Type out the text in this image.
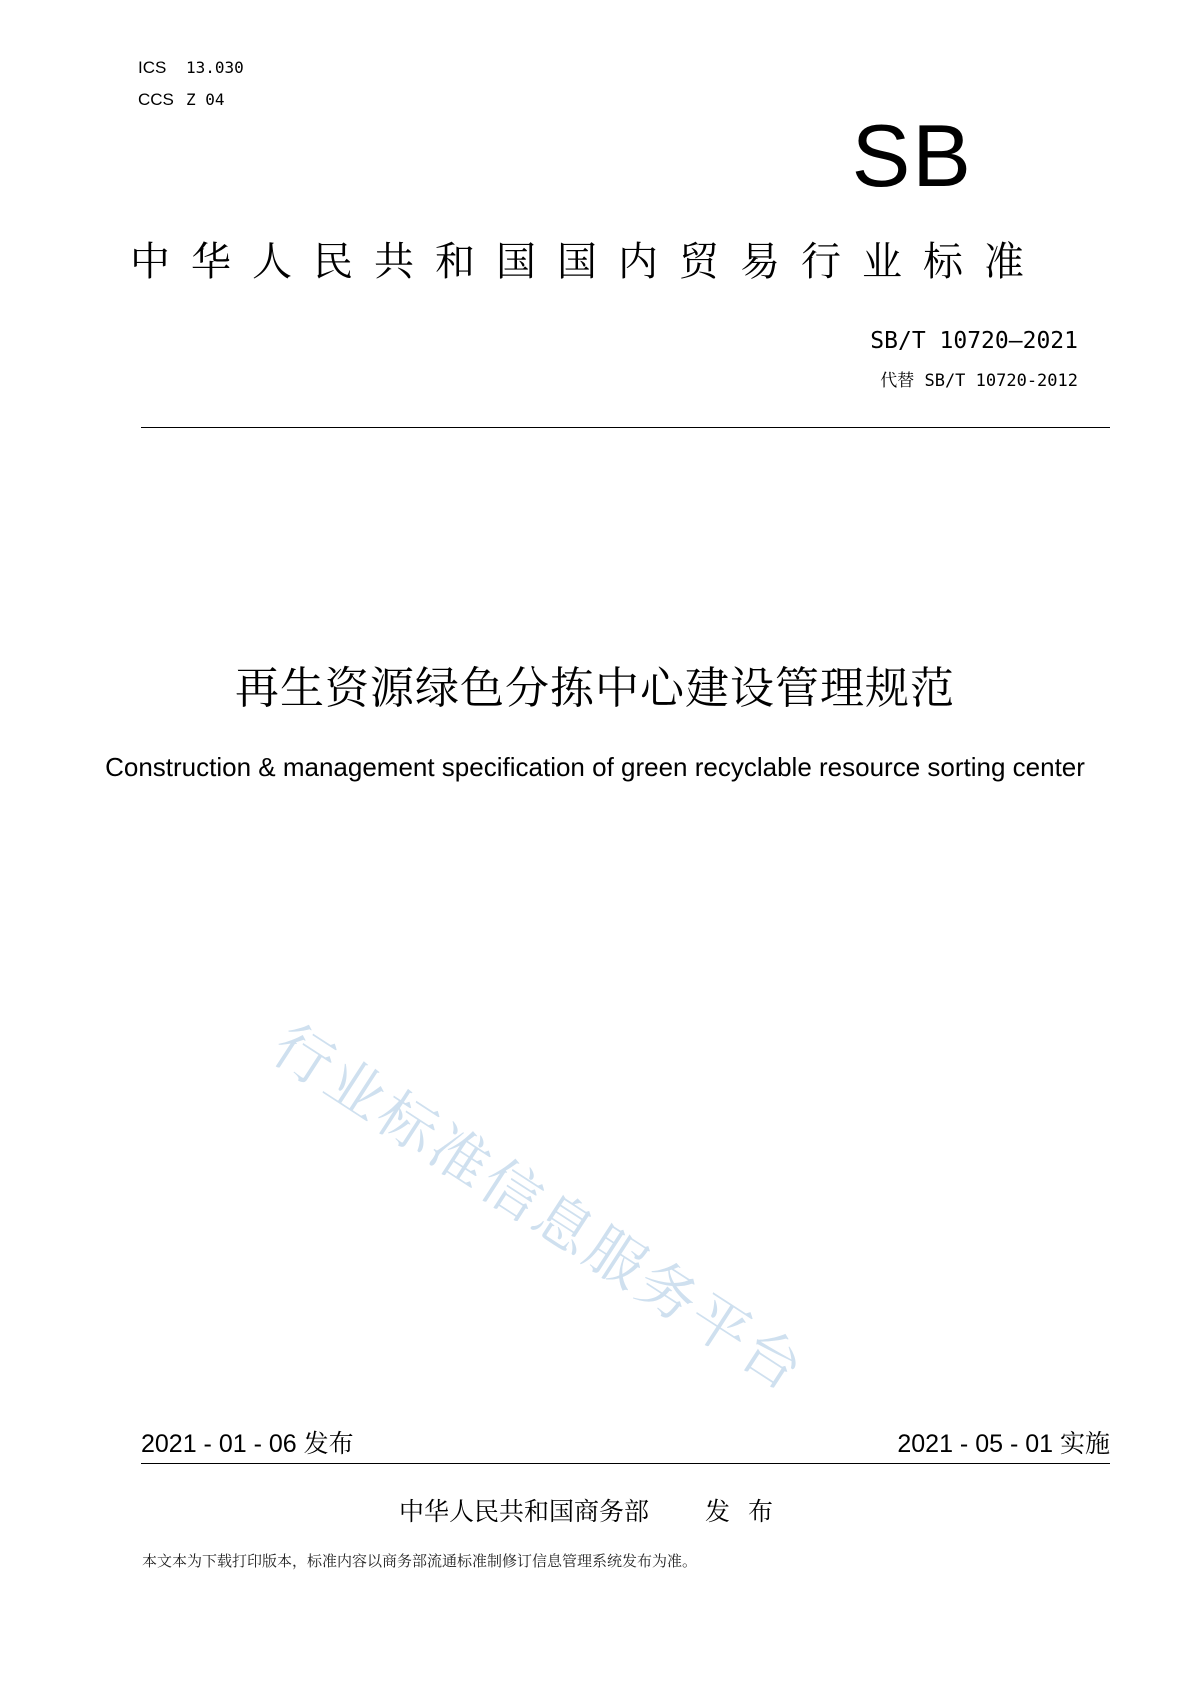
ICS 13.030
CCS Z 04
SB
中华人民共和国国内贸易行业标准
SB/T 10720—2021
代替 SB/T 10720-2012
再生资源绿色分拣中心建设管理规范
Construction & management specification of green recyclable resource sorting center
行业标准信息服务平台
2021 - 01 - 06 发布	2021 - 05 - 01 实施
中华人民共和国商务部 发布
本文本为下载打印版本，标准内容以商务部流通标准制修订信息管理系统发布为准。
